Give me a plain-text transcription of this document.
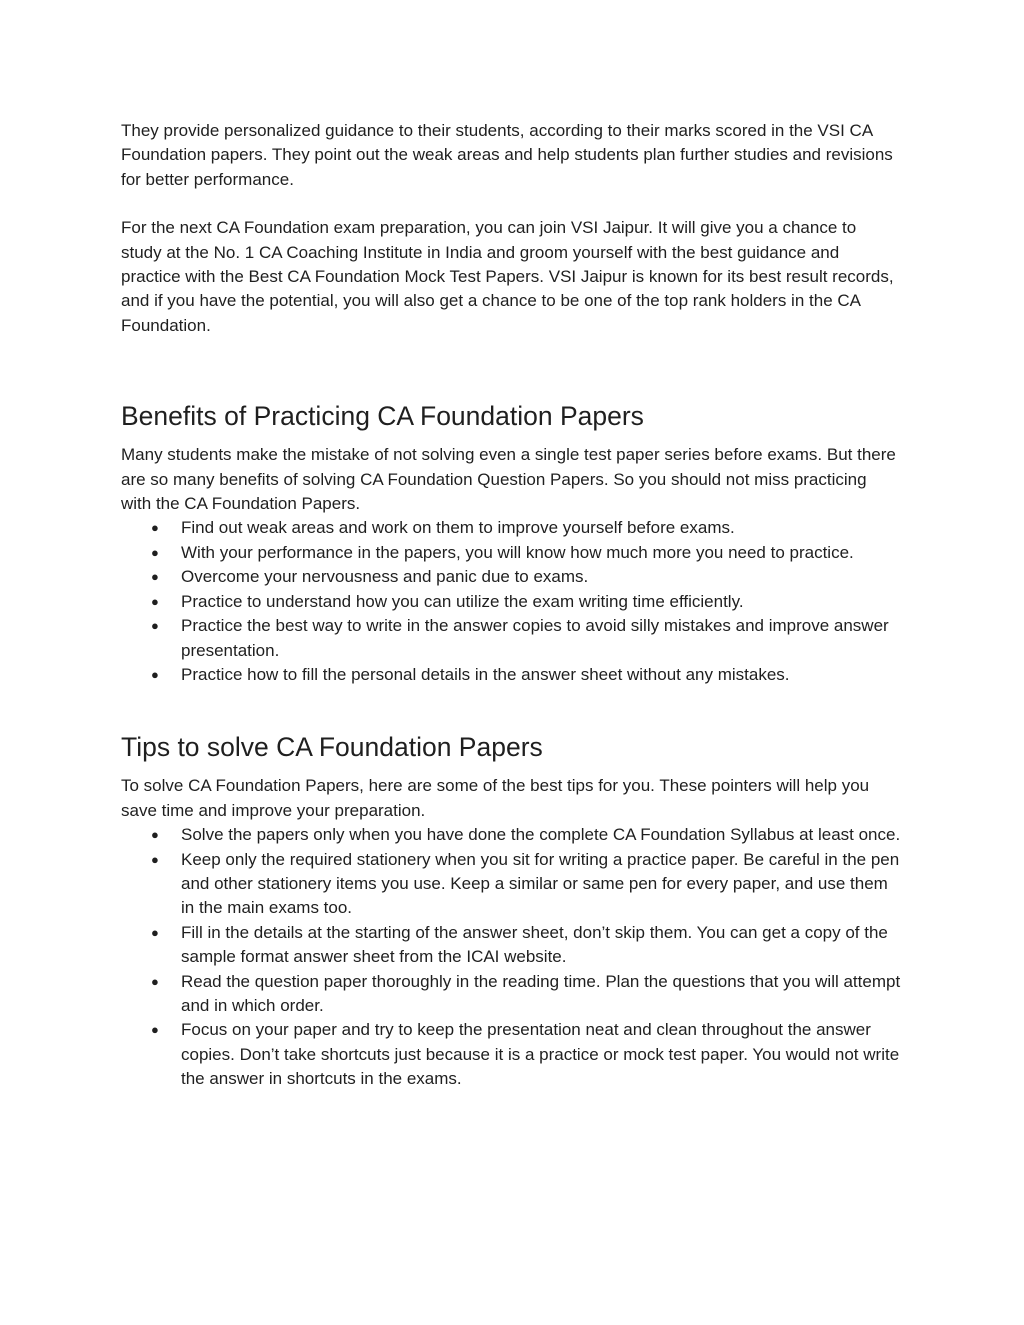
They provide personalized guidance to their students, according to their marks scored in the VSI CA Foundation papers. They point out the weak areas and help students plan further studies and revisions for better performance.

For the next CA Foundation exam preparation, you can join VSI Jaipur. It will give you a chance to study at the No. 1 CA Coaching Institute in India and groom yourself with the best guidance and practice with the Best CA Foundation Mock Test Papers. VSI Jaipur is known for its best result records, and if you have the potential, you will also get a chance to be one of the top rank holders in the CA Foundation.

Benefits of Practicing CA Foundation Papers

Many students make the mistake of not solving even a single test paper series before exams. But there are so many benefits of solving CA Foundation Question Papers. So you should not miss practicing with the CA Foundation Papers.

● Find out weak areas and work on them to improve yourself before exams.
● With your performance in the papers, you will know how much more you need to practice.
● Overcome your nervousness and panic due to exams.
● Practice to understand how you can utilize the exam writing time efficiently.
● Practice the best way to write in the answer copies to avoid silly mistakes and improve answer presentation.
● Practice how to fill the personal details in the answer sheet without any mistakes.
Tips to solve CA Foundation Papers

To solve CA Foundation Papers, here are some of the best tips for you. These pointers will help you save time and improve your preparation.

● Solve the papers only when you have done the complete CA Foundation Syllabus at least once.
● Keep only the required stationery when you sit for writing a practice paper. Be careful in the pen and other stationery items you use. Keep a similar or same pen for every paper, and use them in the main exams too.
● Fill in the details at the starting of the answer sheet, don’t skip them. You can get a copy of the sample format answer sheet from the ICAI website.
● Read the question paper thoroughly in the reading time. Plan the questions that you will attempt and in which order.
● Focus on your paper and try to keep the presentation neat and clean throughout the answer copies. Don’t take shortcuts just because it is a practice or mock test paper. You would not write the answer in shortcuts in the exams.
